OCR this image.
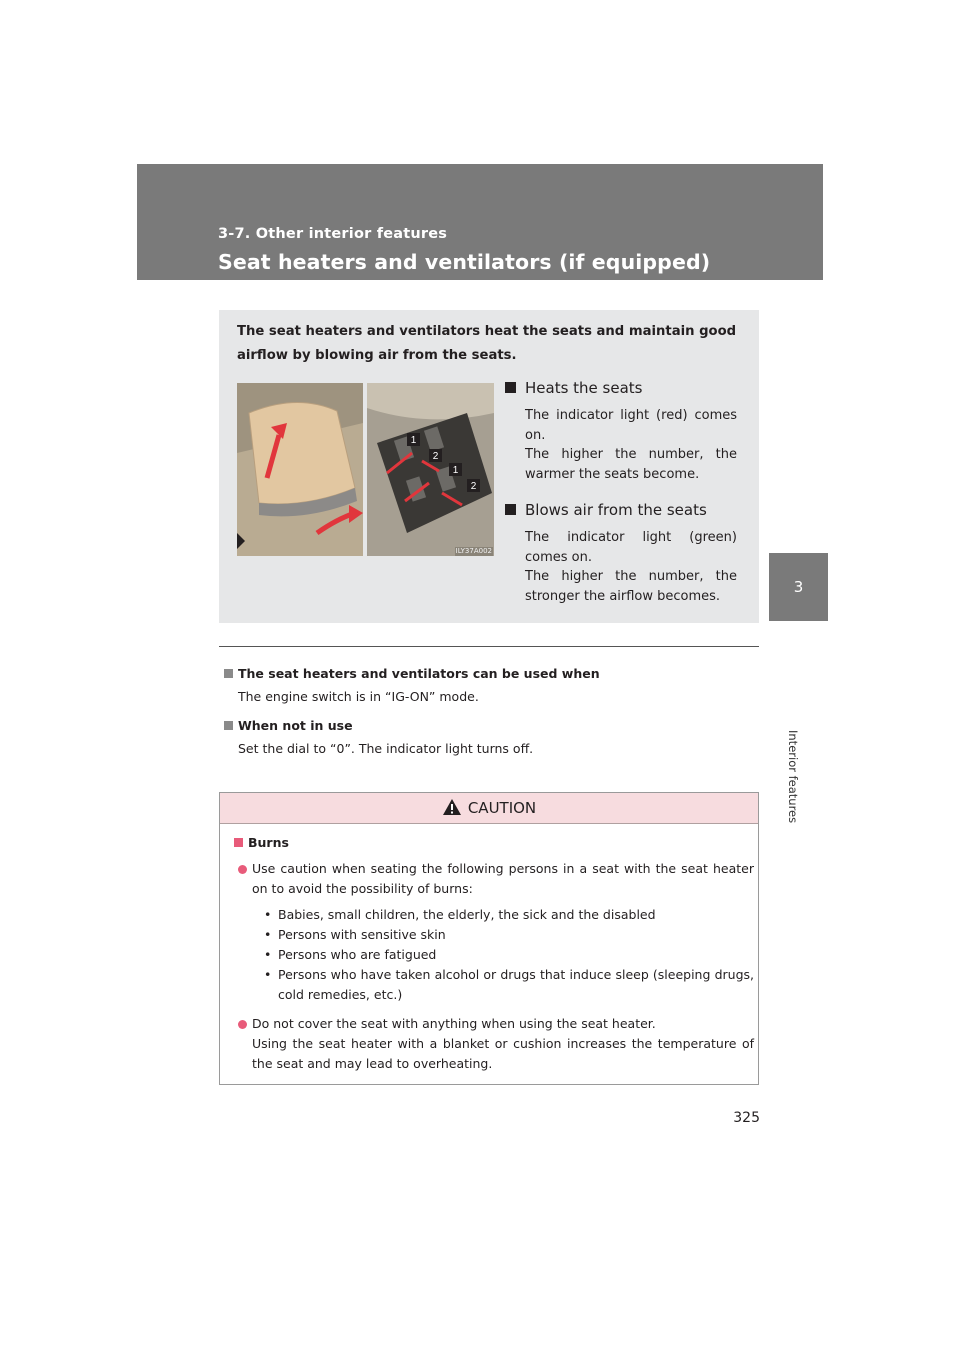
3-7. Other interior features
Seat heaters and ventilators (if equipped)
3
Interior features
The seat heaters and ventilators heat the seats and maintain good airflow by blowing air from the seats.
1
2
1
2
ILY37A002
Heats the seats
The indicator light (red) comes on.
The higher the number, the warmer the seats become.
Blows air from the seats
The indicator light (green) comes on.
The higher the number, the stronger the airflow becomes.
The seat heaters and ventilators can be used when
The engine switch is in “IG-ON” mode.
When not in use
Set the dial to “0”. The indicator light turns off.
CAUTION
Burns
Use caution when seating the following persons in a seat with the seat heater on to avoid the possibility of burns:
• Babies, small children, the elderly, the sick and the disabled
• Persons with sensitive skin
• Persons who are fatigued
• Persons who have taken alcohol or drugs that induce sleep (sleeping drugs, cold remedies, etc.)
Do not cover the seat with anything when using the seat heater.
Using the seat heater with a blanket or cushion increases the temperature of the seat and may lead to overheating.
325
